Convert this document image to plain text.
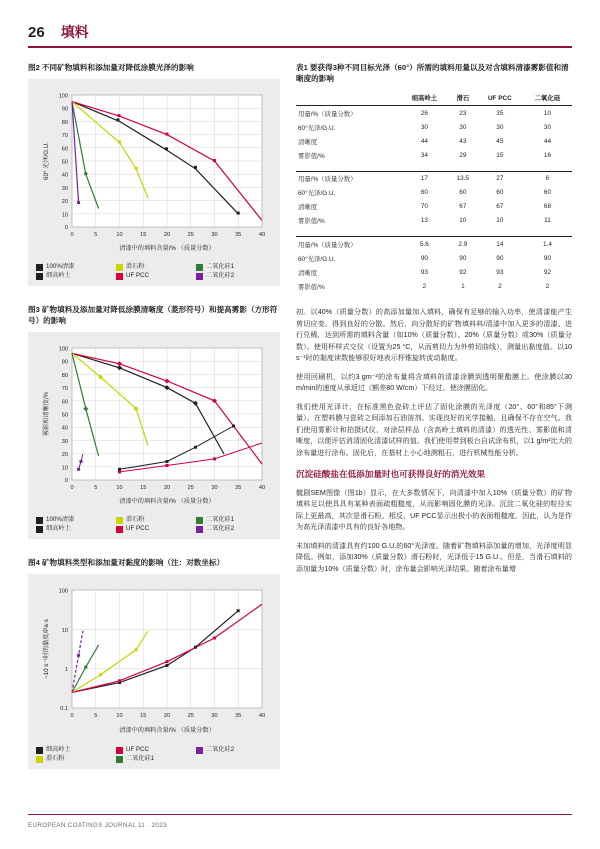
26 填料
图2 不同矿物填料和添加量对降低涂膜光泽的影响
100
90
80
70
60
50
40
30
20
10
0
0	5	10	15	20	25	30	35	40
清漆中的填料含量/% （质量分数）
60° 光泽/G.U.
100%清漆	滑石粉	二氧化硅1
细高岭土	UF PCC	二氧化硅2
图3 矿物填料及添加量对降低涂膜清晰度（菱形符号）和提高雾影（方形符号）的影响
100
90
80
70
60
50
40
30
20
10
0
0	5	10	15	20	25	30	35	40
清漆中的填料含量/% （质量分数）
雾影和清晰度/%
100%清漆	滑石粉	二氧化硅1
细高岭土	UF PCC	二氧化硅2
图4 矿物填料类型和添加量对黏度的影响（注：对数坐标）
100
10
1
0.1
0	5	10	15	20	25	30	35	40
清漆中的填料含量/% （质量分数）
~10 s⁻¹时的黏度/Pa·s
细高岭土	UF PCC	二氧化硅2
滑石粉	二氧化硅1
表1 要获得3种不同目标光泽（60°）所需的填料用量以及对含填料清漆雾影值和清晰度的影响
	细高岭土	滑石	UF PCC	二氧化硅
用量/%（质量分数）	26	23	35	10
60°光泽/G.U.	30	30	30	30
清晰度	44	43	45	44
雾影值/%	34	29	15	16

用量/%（质量分数）	17	13.5	27	6
60°光泽/G.U.	60	60	60	60
清晰度	70	67	67	68
雾影值/%	13	10	10	11

用量/%（质量分数）	5.6	2.9	14	1.4
60°光泽/G.U.	90	90	90	90
清晰度	93	92	93	92
雾影值/%	2	1	2	2

初。以40%（质量分数）的高添加量加入填料，确保有足够的输入功率，使清漆能产生剪切应变、得到良好的分散。然后，向分散好的矿物填料料/清漆中加入更多的清漆、进行兑稀，达到所需的填料含量（如10%（质量分数）、20%（质量分数）或30%（质量分数）。使用杯样式交仪（设置为25 °C，从而剪切力为外剪切曲线），测量出黏度值。以10 s⁻¹时的黏度读数能够很好地表示杯锥旋转流动黏度。

使用回刷机，以约3 gm⁻²的涂布量将含填料的清漆涂膜到透明聚酯膜上。使涂膜以30 m/min的速度从承返过（额差80 W/cm）下经过、使涂膜固化。

我们使用光泽计，在标准黑色瓷砖上评估了固化涂膜的光泽度（20°、60°和85°下测量）。在塑料膜与瓷砖之间添加石油溶剂、实现良好的光学接触，且确保不存在空气。我们使用雾影计和拍摄试仪，对涂层样品（含高岭土填料的清漆）的透光性、雾影值和清晰度，以便评估消清固化清漆试样的值。我们使用带到板台自试涂布机，以1 g/m²比大的涂布量进行涂布。固化后，在基材上小心地测粗石，进行机械性能分析。

沉淀硅酸盐在低添加量时也可获得良好的消光效果

髋剧SEM图像（图1b）显示，在大多数情况下，向清漆中加入10%（质量分数）的矿物填料足以使具具有某种表面疏粗糙度，从而影响固化膜的光泽。沉淀二氧化硅的粒径实际上更最高，其次是滑石粉。相反，UF PCC显示出极小的表面粗糙度。因此，认为是作为高光泽清漆中具有的良好各地物。

未加填料的清漆具有约100 G.U.的60°光泽度。随着矿物填料添加量的增加，光泽度明显降低。例如，添加30%（质量分数）滑石粉时，光泽低于15 G.U.。但是，当滑石填料的添加量为10%（质量分数）时，涂布量会影响光泽结果。随着涂布量增

EUROPEAN COATINGS JOURNAL 11 · 2023
